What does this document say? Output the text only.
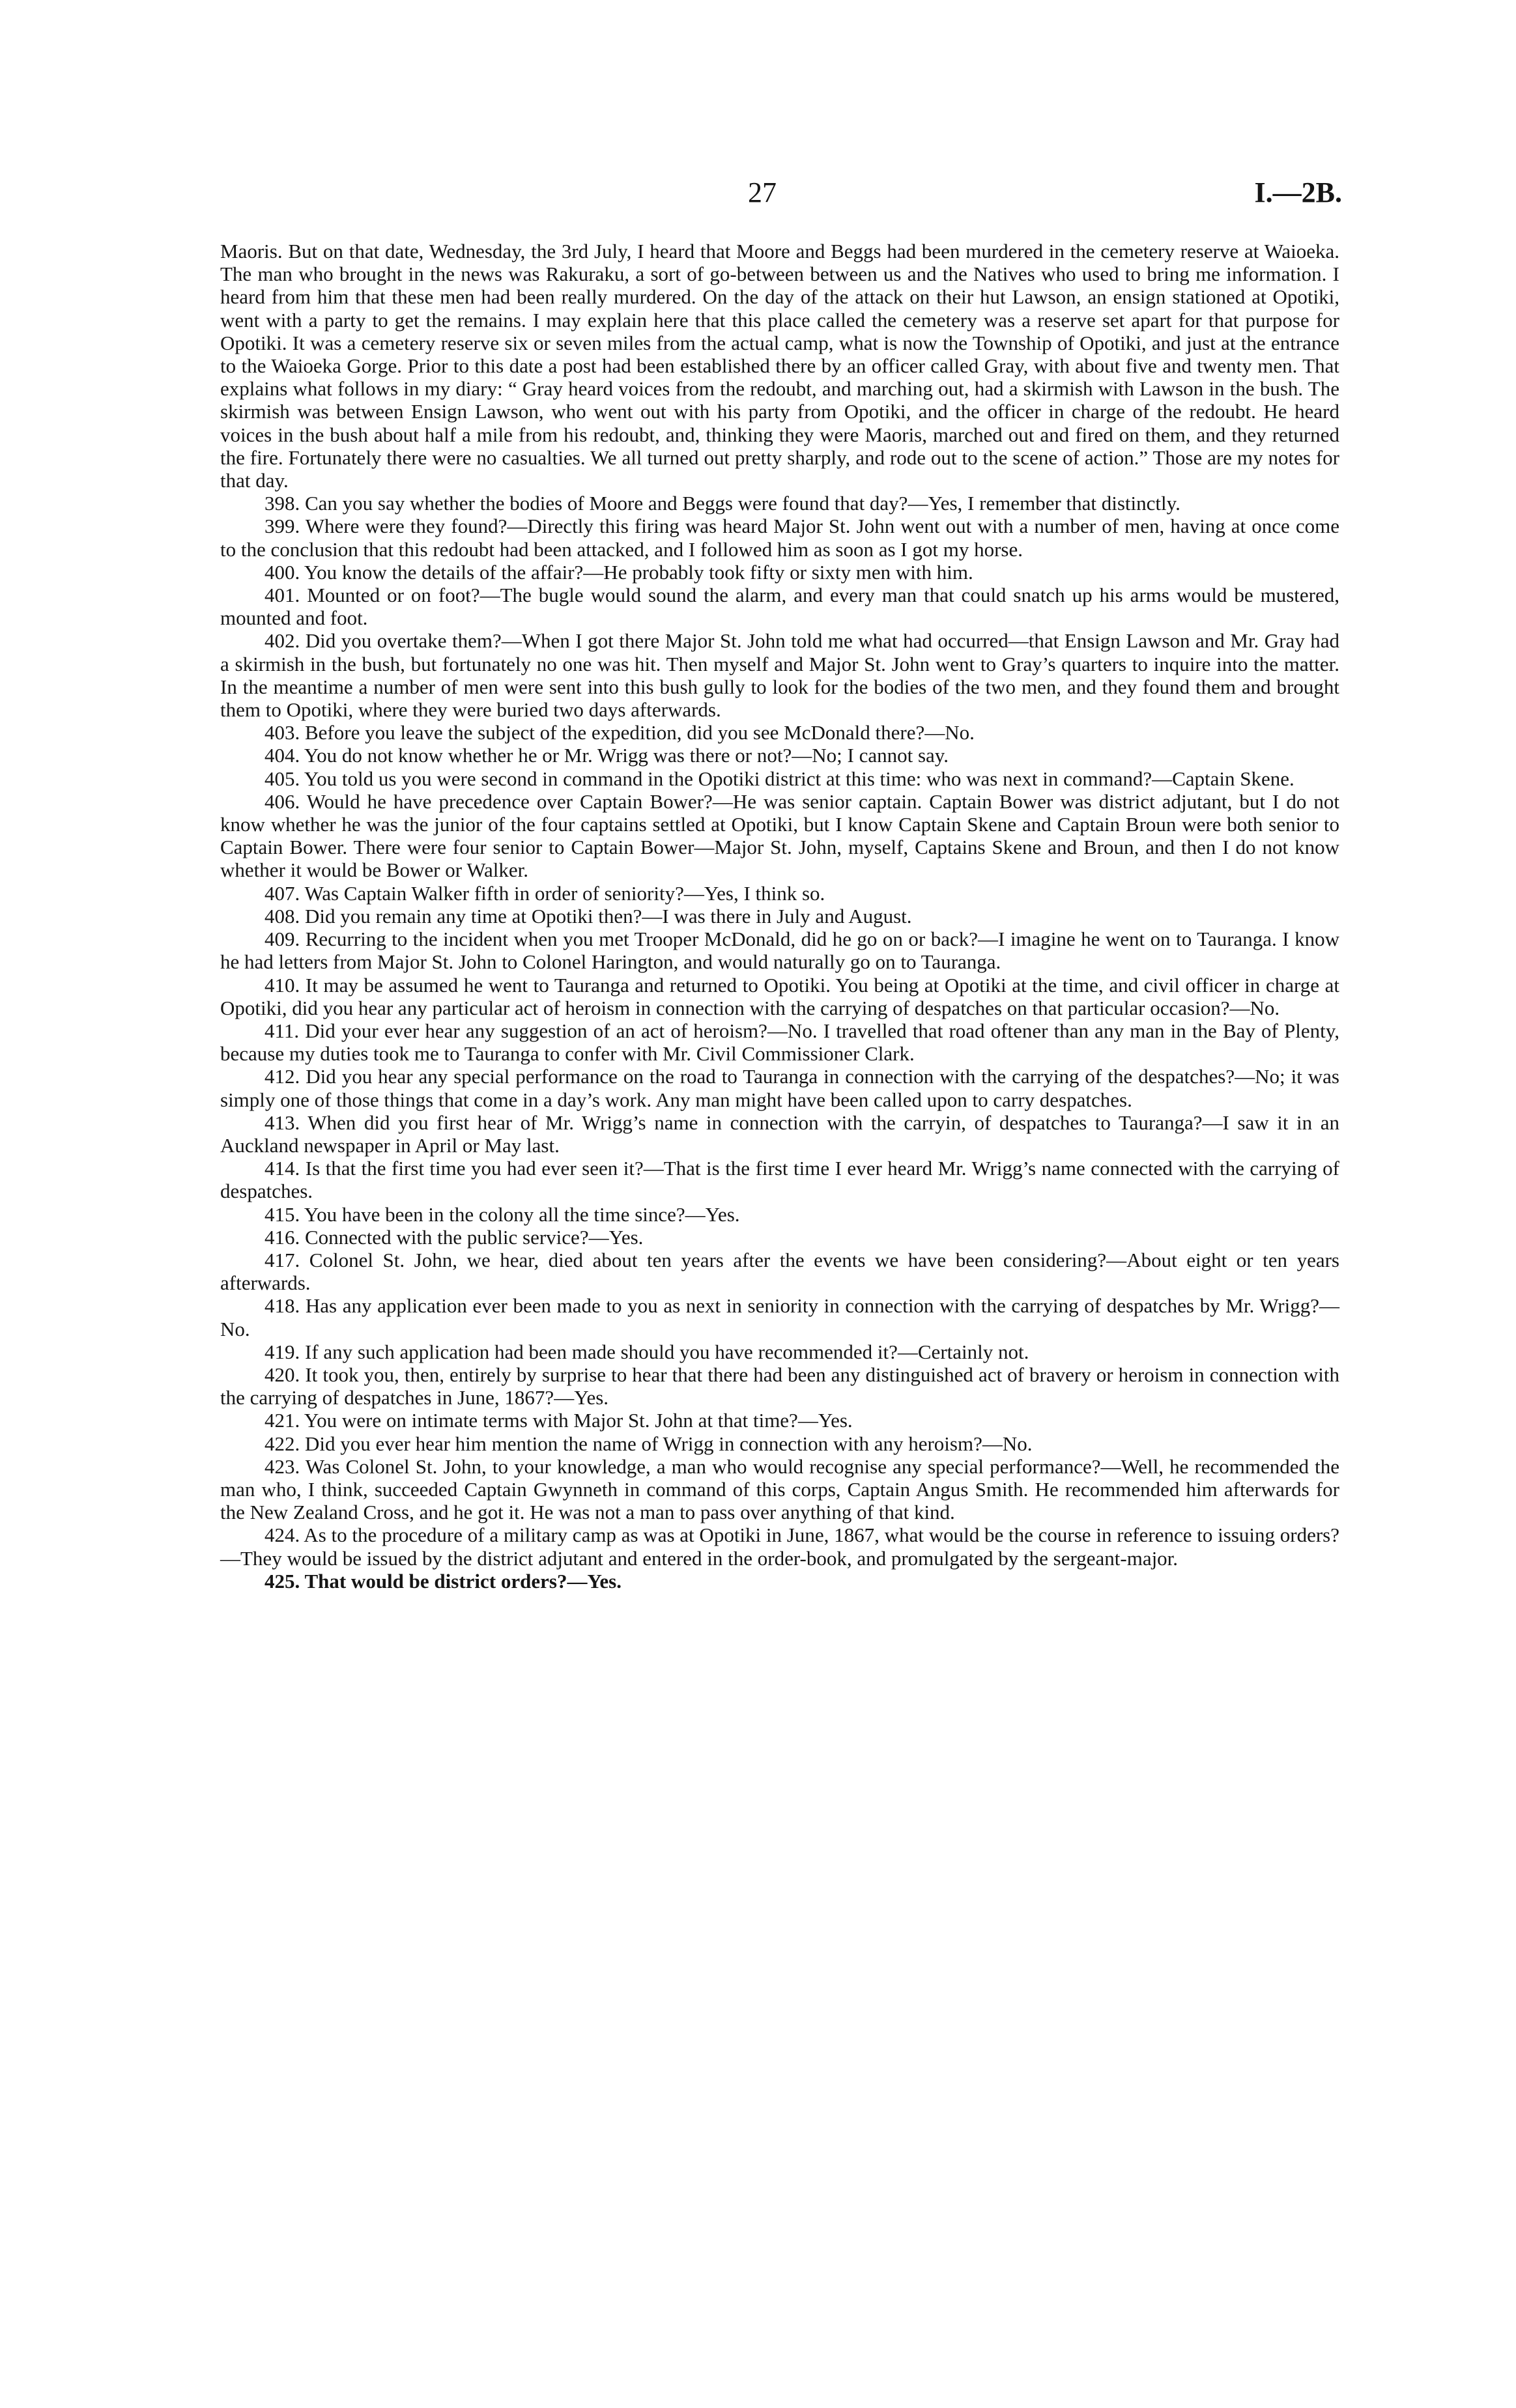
27	I.—2B.

Maoris. But on that date, Wednesday, the 3rd July, I heard that Moore and Beggs had been murdered in the cemetery reserve at Waioeka. The man who brought in the news was Rakuraku, a sort of go-between between us and the Natives who used to bring me information. I heard from him that these men had been really murdered. On the day of the attack on their hut Lawson, an ensign stationed at Opotiki, went with a party to get the remains. I may explain here that this place called the cemetery was a reserve set apart for that purpose for Opotiki. It was a cemetery reserve six or seven miles from the actual camp, what is now the Township of Opotiki, and just at the entrance to the Waioeka Gorge. Prior to this date a post had been established there by an officer called Gray, with about five and twenty men. That explains what follows in my diary: “ Gray heard voices from the redoubt, and marching out, had a skirmish with Lawson in the bush. The skirmish was between Ensign Lawson, who went out with his party from Opotiki, and the officer in charge of the redoubt. He heard voices in the bush about half a mile from his redoubt, and, thinking they were Maoris, marched out and fired on them, and they returned the fire. Fortunately there were no casualties. We all turned out pretty sharply, and rode out to the scene of action.” Those are my notes for that day.

398. Can you say whether the bodies of Moore and Beggs were found that day?—Yes, I remember that distinctly.

399. Where were they found?—Directly this firing was heard Major St. John went out with a number of men, having at once come to the conclusion that this redoubt had been attacked, and I followed him as soon as I got my horse.

400. You know the details of the affair?—He probably took fifty or sixty men with him.

401. Mounted or on foot?—The bugle would sound the alarm, and every man that could snatch up his arms would be mustered, mounted and foot.

402. Did you overtake them?—When I got there Major St. John told me what had occurred—that Ensign Lawson and Mr. Gray had a skirmish in the bush, but fortunately no one was hit. Then myself and Major St. John went to Gray’s quarters to inquire into the matter. In the meantime a number of men were sent into this bush gully to look for the bodies of the two men, and they found them and brought them to Opotiki, where they were buried two days afterwards.

403. Before you leave the subject of the expedition, did you see McDonald there?—No.

404. You do not know whether he or Mr. Wrigg was there or not?—No; I cannot say.

405. You told us you were second in command in the Opotiki district at this time: who was next in command?—Captain Skene.

406. Would he have precedence over Captain Bower?—He was senior captain. Captain Bower was district adjutant, but I do not know whether he was the junior of the four captains settled at Opotiki, but I know Captain Skene and Captain Broun were both senior to Captain Bower. There were four senior to Captain Bower—Major St. John, myself, Captains Skene and Broun, and then I do not know whether it would be Bower or Walker.

407. Was Captain Walker fifth in order of seniority?—Yes, I think so.

408. Did you remain any time at Opotiki then?—I was there in July and August.

409. Recurring to the incident when you met Trooper McDonald, did he go on or back?—I imagine he went on to Tauranga. I know he had letters from Major St. John to Colonel Harington, and would naturally go on to Tauranga.

410. It may be assumed he went to Tauranga and returned to Opotiki. You being at Opotiki at the time, and civil officer in charge at Opotiki, did you hear any particular act of heroism in connection with the carrying of despatches on that particular occasion?—No.

411. Did your ever hear any suggestion of an act of heroism?—No. I travelled that road oftener than any man in the Bay of Plenty, because my duties took me to Tauranga to confer with Mr. Civil Commissioner Clark.

412. Did you hear any special performance on the road to Tauranga in connection with the carrying of the despatches?—No; it was simply one of those things that come in a day’s work. Any man might have been called upon to carry despatches.

413. When did you first hear of Mr. Wrigg’s name in connection with the carryin, of despatches to Tauranga?—I saw it in an Auckland newspaper in April or May last.

414. Is that the first time you had ever seen it?—That is the first time I ever heard Mr. Wrigg’s name connected with the carrying of despatches.

415. You have been in the colony all the time since?—Yes.

416. Connected with the public service?—Yes.

417. Colonel St. John, we hear, died about ten years after the events we have been considering?—About eight or ten years afterwards.

418. Has any application ever been made to you as next in seniority in connection with the carrying of despatches by Mr. Wrigg?—No.

419. If any such application had been made should you have recommended it?—Certainly not.

420. It took you, then, entirely by surprise to hear that there had been any distinguished act of bravery or heroism in connection with the carrying of despatches in June, 1867?—Yes.

421. You were on intimate terms with Major St. John at that time?—Yes.

422. Did you ever hear him mention the name of Wrigg in connection with any heroism?—No.

423. Was Colonel St. John, to your knowledge, a man who would recognise any special performance?—Well, he recommended the man who, I think, succeeded Captain Gwynneth in command of this corps, Captain Angus Smith. He recommended him afterwards for the New Zealand Cross, and he got it. He was not a man to pass over anything of that kind.

424. As to the procedure of a military camp as was at Opotiki in June, 1867, what would be the course in reference to issuing orders?—They would be issued by the district adjutant and entered in the order-book, and promulgated by the sergeant-major.

425. That would be district orders?—Yes.
